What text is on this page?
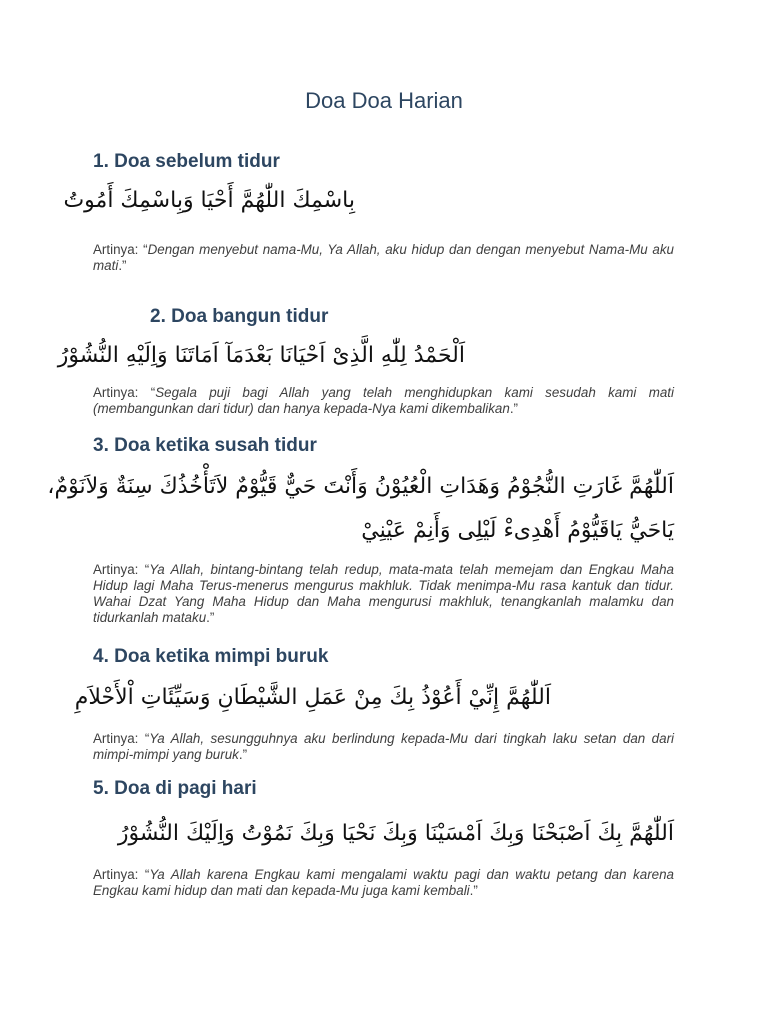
Doa Doa Harian
1. Doa sebelum tidur
بِاسْمِكَ اللّٰهُمَّ أَحْيَا وَبِاسْمِكَ أَمُوتُ

Artinya: “Dengan menyebut nama-Mu, Ya Allah, aku hidup dan dengan menyebut Nama-Mu aku mati.”

2. Doa bangun tidur
اَلْحَمْدُ لِلّٰهِ الَّذِىْ اَحْيَانَا بَعْدَمَآ اَمَاتَنَا وَاِلَيْهِ النُّشُوْرُ

Artinya: “Segala puji bagi Allah yang telah menghidupkan kami sesudah kami mati (membangunkan dari tidur) dan hanya kepada-Nya kami dikembalikan.”

3. Doa ketika susah tidur
اَللّٰهُمَّ غَارَتِ النُّجُوْمُ وَهَدَاتِ الْعُيُوْنُ وَأَنْتَ حَيٌّ قَيُّوْمٌ لاَتَأْخُذُكَ سِنَةٌ وَلاَنَوْمٌ،
يَاحَيُّ يَاقَيُّوْمُ أَهْدِىءْ لَيْلِى وَأَنِمْ عَيْنِيْ

Artinya: “Ya Allah, bintang-bintang telah redup, mata-mata telah memejam dan Engkau Maha Hidup lagi Maha Terus-menerus mengurus makhluk. Tidak menimpa-Mu rasa kantuk dan tidur. Wahai Dzat Yang Maha Hidup dan Maha mengurusi makhluk, tenangkanlah malamku dan tidurkanlah mataku.”

4. Doa ketika mimpi buruk
اَللّٰهُمَّ إِنِّيْ أَعُوْذُ بِكَ مِنْ عَمَلِ الشَّيْطَانِ وَسَيِّئَاتِ اْلأَحْلاَمِ

Artinya: “Ya Allah, sesungguhnya aku berlindung kepada-Mu dari tingkah laku setan dan dari mimpi-mimpi yang buruk.”

5. Doa di pagi hari
اَللّٰهُمَّ بِكَ اَصْبَحْنَا وَبِكَ اَمْسَيْنَا وَبِكَ نَحْيَا وَبِكَ نَمُوْتُ وَاِلَيْكَ النُّشُوْرُ

Artinya: “Ya Allah karena Engkau kami mengalami waktu pagi dan waktu petang dan karena Engkau kami hidup dan mati dan kepada-Mu juga kami kembali.”
